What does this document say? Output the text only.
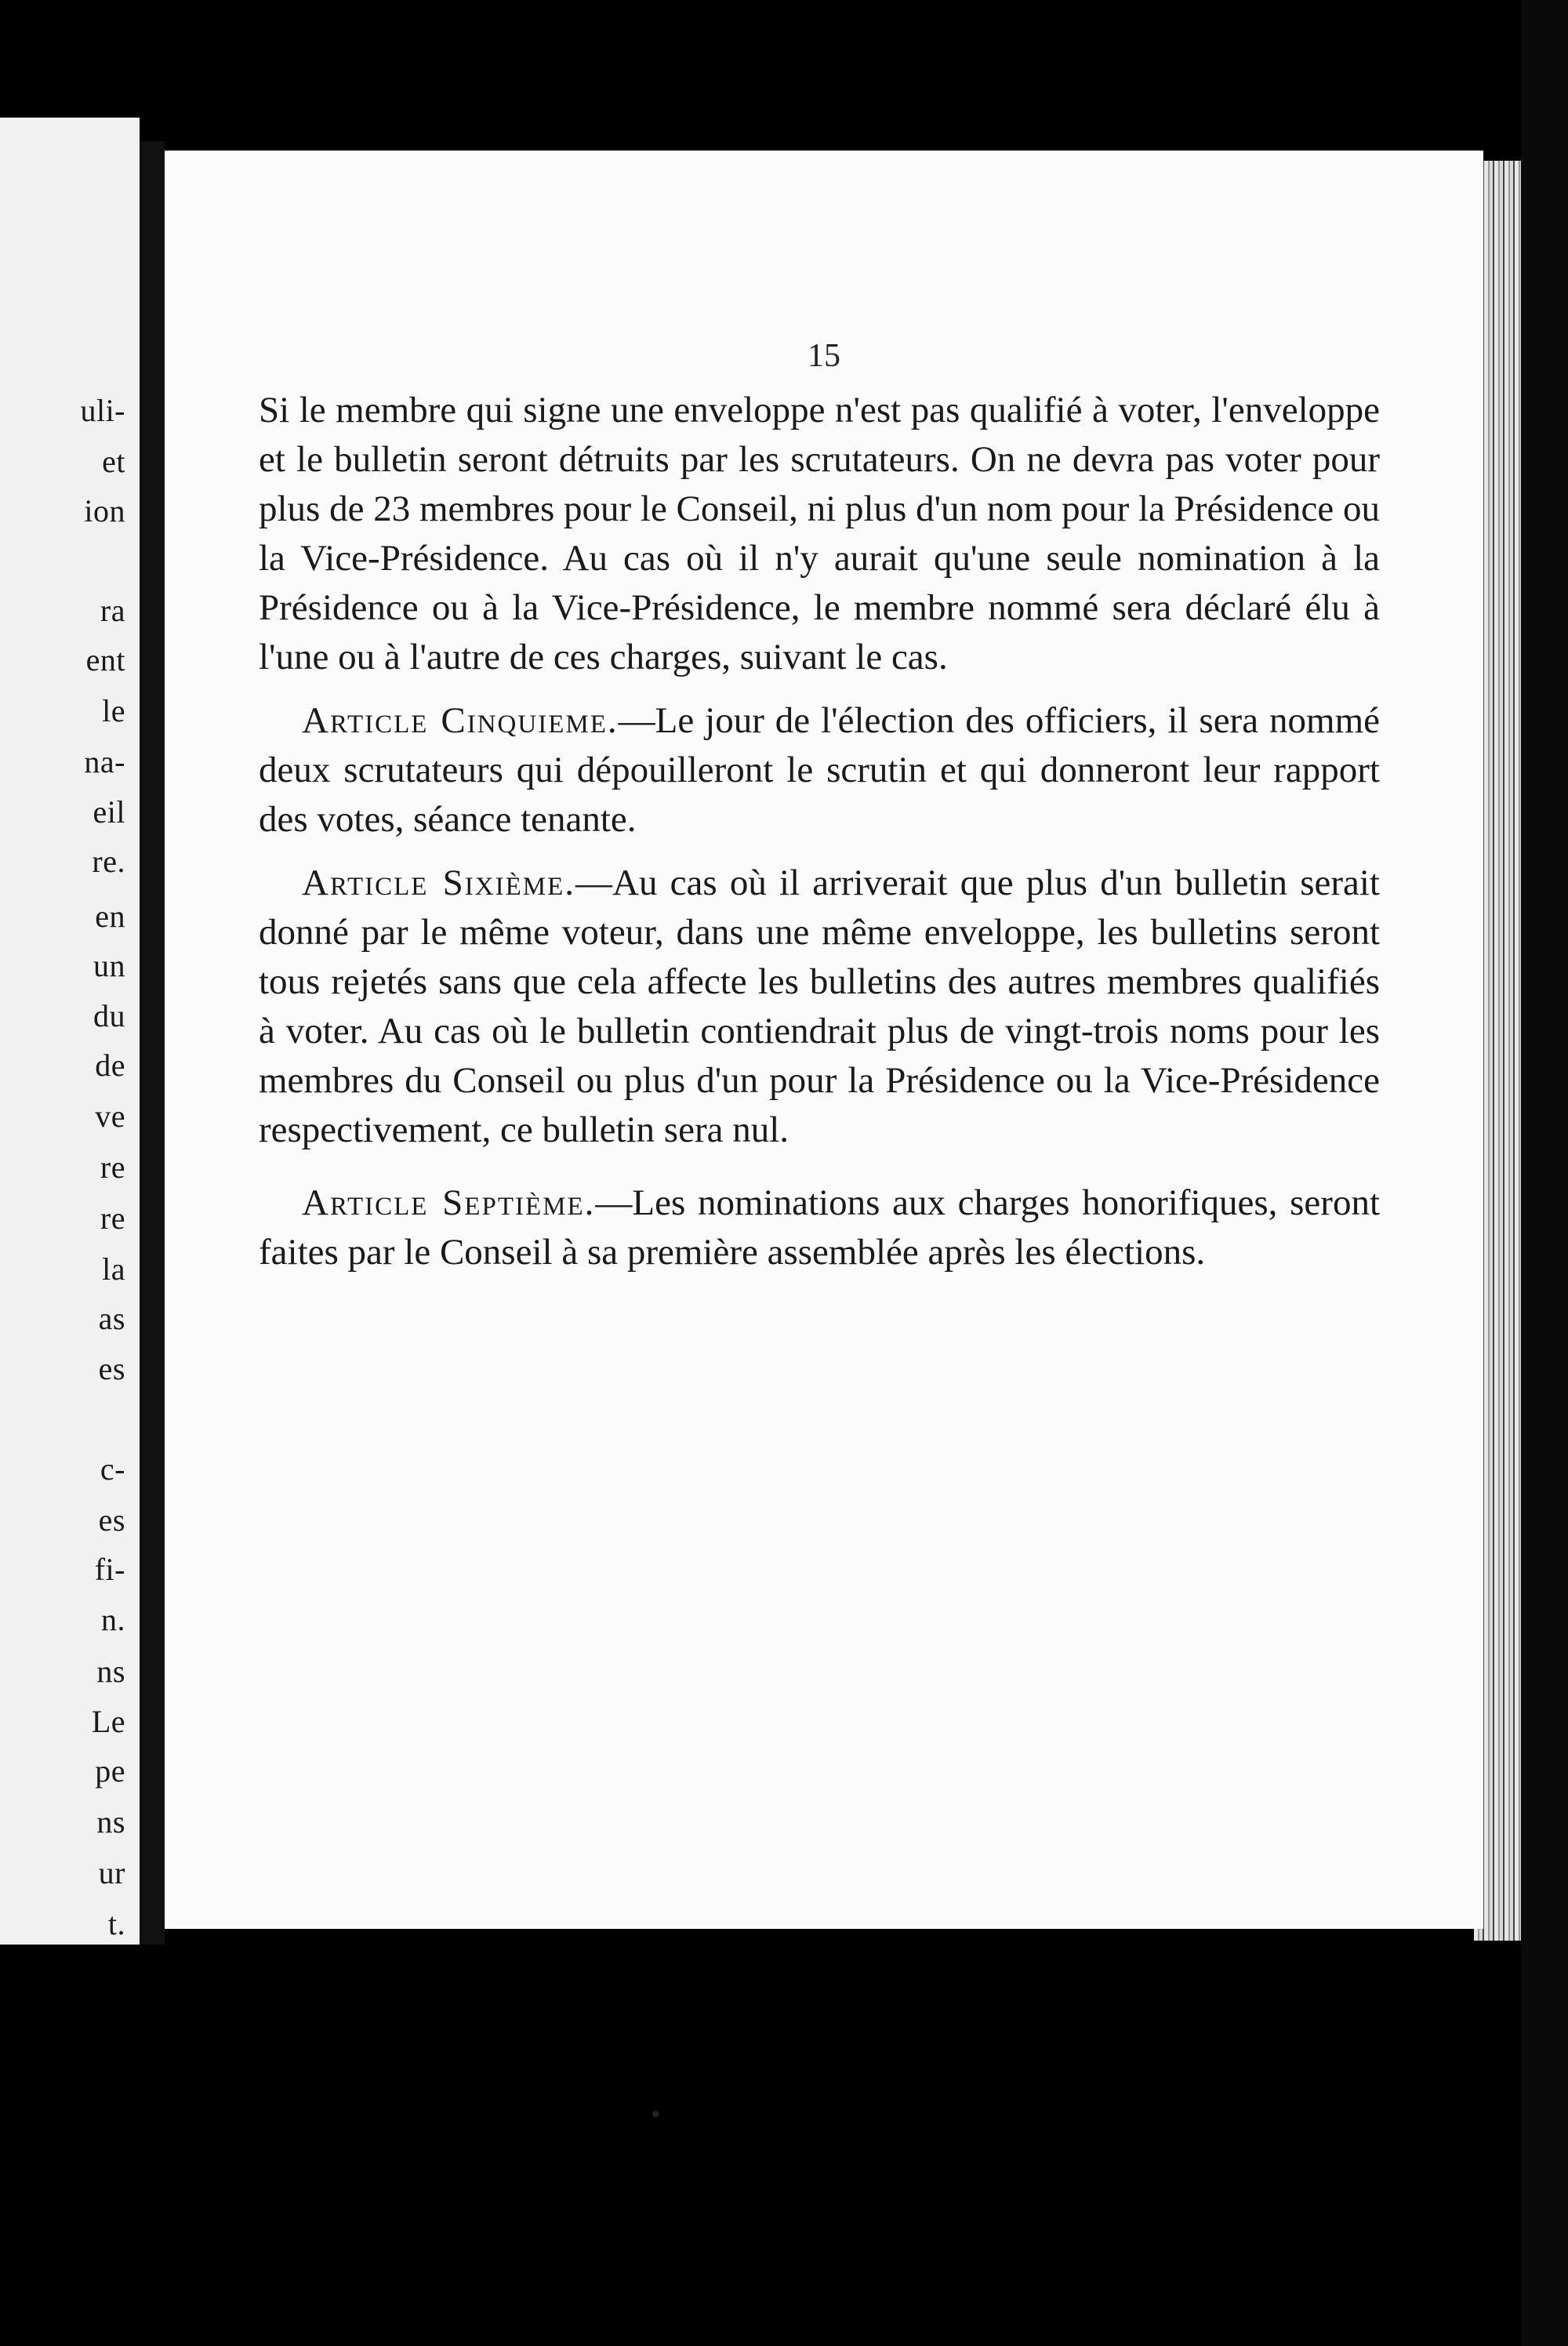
uli-
et
ion
ra
ent
le
na-
eil
re.
en
un
du
de
ve
re
re
la
as
es
c-
es
fi-
n.
ns
Le
pe
ns
ur
t.
15

Si le membre qui signe une enveloppe n'est pas qualifié à voter, l'enveloppe et le bulletin seront détruits par les scrutateurs. On ne devra pas voter pour plus de 23 membres pour le Conseil, ni plus d'un nom pour la Présidence ou la Vice-Présidence. Au cas où il n'y aurait qu'une seule nomination à la Présidence ou à la Vice-Présidence, le membre nommé sera déclaré élu à l'une ou à l'autre de ces charges, suivant le cas.

Article Cinquieme.—Le jour de l'élection des officiers, il sera nommé deux scrutateurs qui dépouilleront le scrutin et qui donneront leur rapport des votes, séance tenante.

Article Sixième.—Au cas où il arriverait que plus d'un bulletin serait donné par le même voteur, dans une même enveloppe, les bulletins seront tous rejetés sans que cela affecte les bulletins des autres membres qualifiés à voter. Au cas où le bulletin contiendrait plus de vingt-trois noms pour les membres du Conseil ou plus d'un pour la Présidence ou la Vice-Présidence respectivement, ce bulletin sera nul.

Article Septième.—Les nominations aux charges honorifiques, seront faites par le Conseil à sa première assemblée après les élections.

•
